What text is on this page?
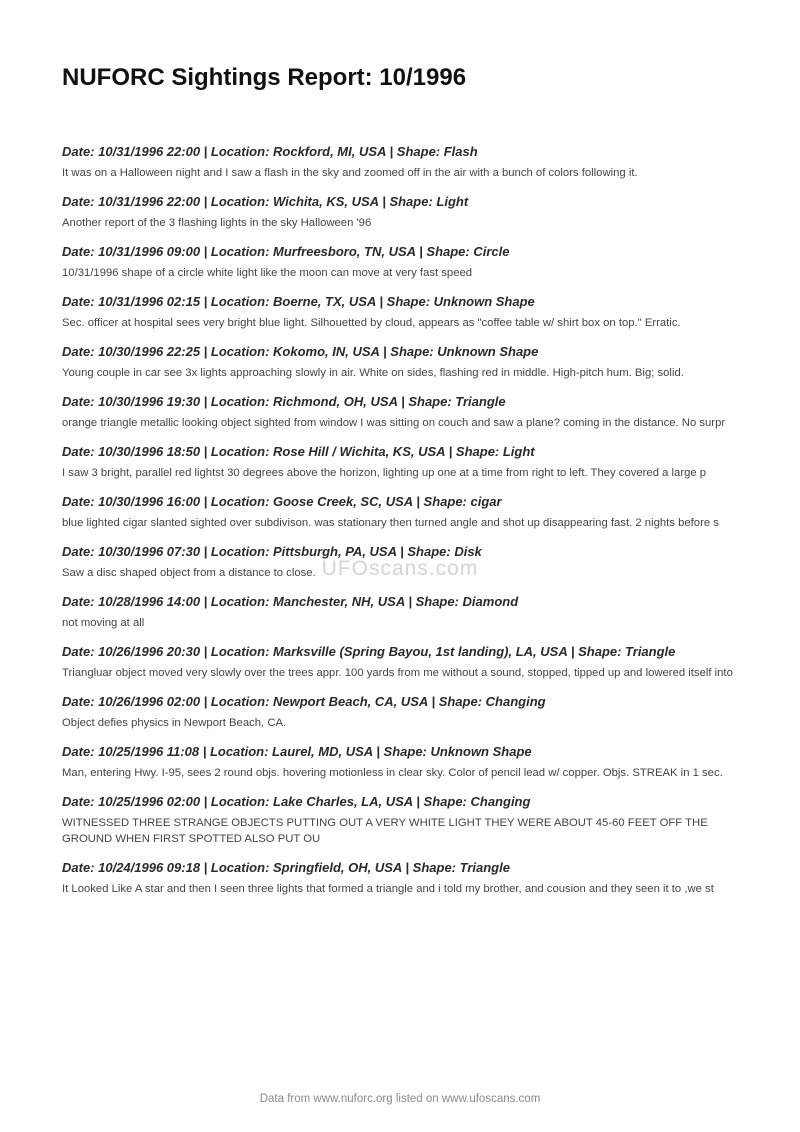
NUFORC Sightings Report: 10/1996

Date: 10/31/1996 22:00 | Location: Rockford, MI, USA | Shape: Flash

It was on a Halloween night and I saw a flash in the sky and zoomed off in the air with a bunch of colors following it.

Date: 10/31/1996 22:00 | Location: Wichita, KS, USA | Shape: Light

Another report of the 3 flashing lights in the sky Halloween '96

Date: 10/31/1996 09:00 | Location: Murfreesboro, TN, USA | Shape: Circle

10/31/1996 shape of a circle white light like the moon can move at very fast speed

Date: 10/31/1996 02:15 | Location: Boerne, TX, USA | Shape: Unknown Shape

Sec. officer at hospital sees very bright blue light. Silhouetted by cloud, appears as "coffee table w/ shirt box on top." Erratic.

Date: 10/30/1996 22:25 | Location: Kokomo, IN, USA | Shape: Unknown Shape

Young couple in car see 3x lights approaching slowly in air. White on sides, flashing red in middle. High-pitch hum. Big; solid.

Date: 10/30/1996 19:30 | Location: Richmond, OH, USA | Shape: Triangle

orange triangle metallic looking object sighted from window I was sitting on couch and saw a plane? coming in the distance. No surpr

Date: 10/30/1996 18:50 | Location: Rose Hill / Wichita, KS, USA | Shape: Light

I saw 3 bright, parallel red lightst 30 degrees above the horizon, lighting up one at a time from right to left. They covered a large p

Date: 10/30/1996 16:00 | Location: Goose Creek, SC, USA | Shape: cigar

blue lighted cigar slanted sighted over subdivison. was stationary then turned angle and shot up disappearing fast. 2 nights before s

Date: 10/30/1996 07:30 | Location: Pittsburgh, PA, USA | Shape: Disk

Saw a disc shaped object from a distance to close.

Date: 10/28/1996 14:00 | Location: Manchester, NH, USA | Shape: Diamond

not moving at all

Date: 10/26/1996 20:30 | Location: Marksville (Spring Bayou, 1st landing), LA, USA | Shape: Triangle

Triangluar object moved very slowly over the trees appr. 100 yards from me without a sound, stopped, tipped up and lowered itself into

Date: 10/26/1996 02:00 | Location: Newport Beach, CA, USA | Shape: Changing

Object defies physics in Newport Beach, CA.

Date: 10/25/1996 11:08 | Location: Laurel, MD, USA | Shape: Unknown Shape

Man, entering Hwy. I-95, sees 2 round objs. hovering motionless in clear sky. Color of pencil lead w/ copper. Objs. STREAK in 1 sec.

Date: 10/25/1996 02:00 | Location: Lake Charles, LA, USA | Shape: Changing

WITNESSED THREE STRANGE OBJECTS PUTTING OUT A VERY WHITE LIGHT THEY WERE ABOUT 45-60 FEET OFF THE GROUND WHEN FIRST SPOTTED ALSO PUT OU

Date: 10/24/1996 09:18 | Location: Springfield, OH, USA | Shape: Triangle

It Looked Like A star and then I seen three lights that formed a triangle and i told my brother, and cousion and they seen it to ,we st

UFOscans.com
Data from www.nuforc.org listed on www.ufoscans.com
